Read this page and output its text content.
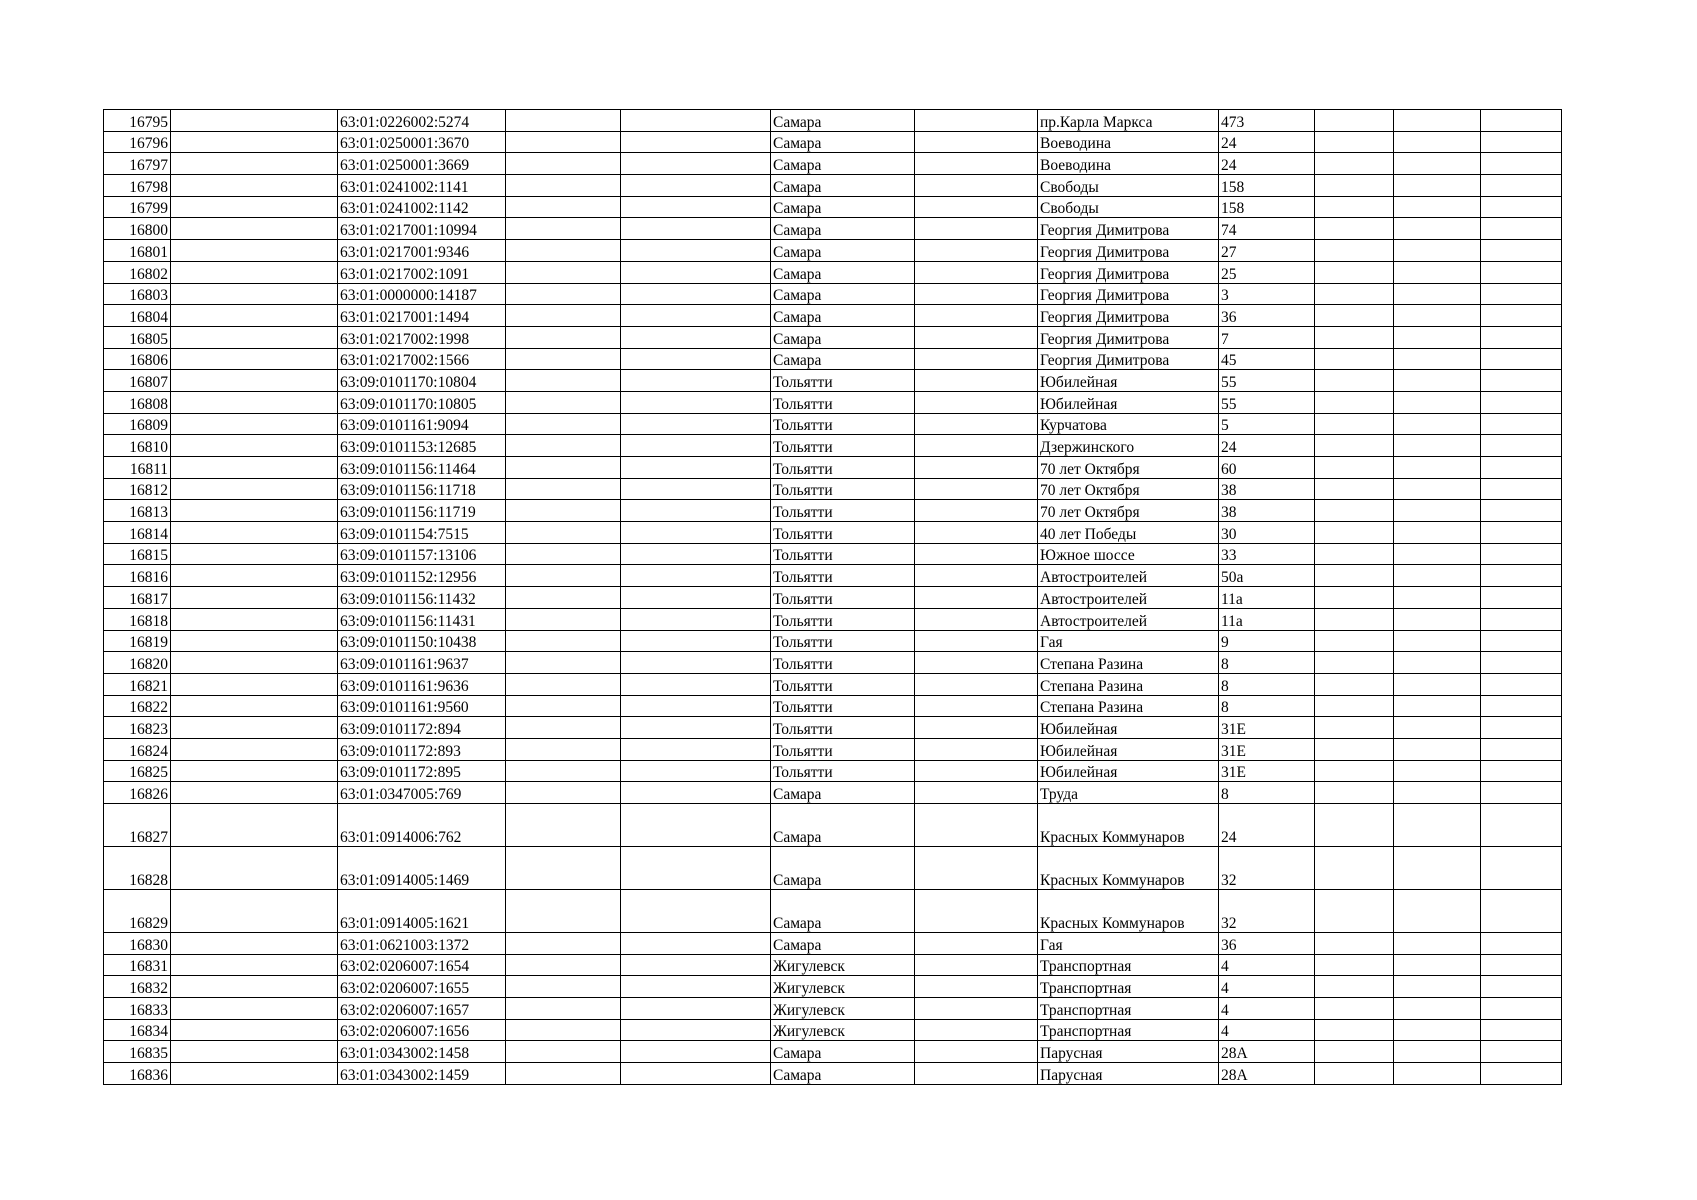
16795		63:01:0226002:5274			Самара		пр.Карла Маркса	473			
16796		63:01:0250001:3670			Самара		Воеводина	24			
16797		63:01:0250001:3669			Самара		Воеводина	24			
16798		63:01:0241002:1141			Самара		Свободы	158			
16799		63:01:0241002:1142			Самара		Свободы	158			
16800		63:01:0217001:10994			Самара		Георгия Димитрова	74			
16801		63:01:0217001:9346			Самара		Георгия Димитрова	27			
16802		63:01:0217002:1091			Самара		Георгия Димитрова	25			
16803		63:01:0000000:14187			Самара		Георгия Димитрова	3			
16804		63:01:0217001:1494			Самара		Георгия Димитрова	36			
16805		63:01:0217002:1998			Самара		Георгия Димитрова	7			
16806		63:01:0217002:1566			Самара		Георгия Димитрова	45			
16807		63:09:0101170:10804			Тольятти		Юбилейная	55			
16808		63:09:0101170:10805			Тольятти		Юбилейная	55			
16809		63:09:0101161:9094			Тольятти		Курчатова	5			
16810		63:09:0101153:12685			Тольятти		Дзержинского	24			
16811		63:09:0101156:11464			Тольятти		70 лет Октября	60			
16812		63:09:0101156:11718			Тольятти		70 лет Октября	38			
16813		63:09:0101156:11719			Тольятти		70 лет Октября	38			
16814		63:09:0101154:7515			Тольятти		40 лет Победы	30			
16815		63:09:0101157:13106			Тольятти		Южное шоссе	33			
16816		63:09:0101152:12956			Тольятти		Автостроителей	50а			
16817		63:09:0101156:11432			Тольятти		Автостроителей	11а			
16818		63:09:0101156:11431			Тольятти		Автостроителей	11а			
16819		63:09:0101150:10438			Тольятти		Гая	9			
16820		63:09:0101161:9637			Тольятти		Степана Разина	8			
16821		63:09:0101161:9636			Тольятти		Степана Разина	8			
16822		63:09:0101161:9560			Тольятти		Степана Разина	8			
16823		63:09:0101172:894			Тольятти		Юбилейная	31Е			
16824		63:09:0101172:893			Тольятти		Юбилейная	31Е			
16825		63:09:0101172:895			Тольятти		Юбилейная	31Е			
16826		63:01:0347005:769			Самара		Труда	8			
16827		63:01:0914006:762			Самара		Красных Коммунаров	24			
16828		63:01:0914005:1469			Самара		Красных Коммунаров	32			
16829		63:01:0914005:1621			Самара		Красных Коммунаров	32			
16830		63:01:0621003:1372			Самара		Гая	36			
16831		63:02:0206007:1654			Жигулевск		Транспортная	4			
16832		63:02:0206007:1655			Жигулевск		Транспортная	4			
16833		63:02:0206007:1657			Жигулевск		Транспортная	4			
16834		63:02:0206007:1656			Жигулевск		Транспортная	4			
16835		63:01:0343002:1458			Самара		Парусная	28А			
16836		63:01:0343002:1459			Самара		Парусная	28А			
